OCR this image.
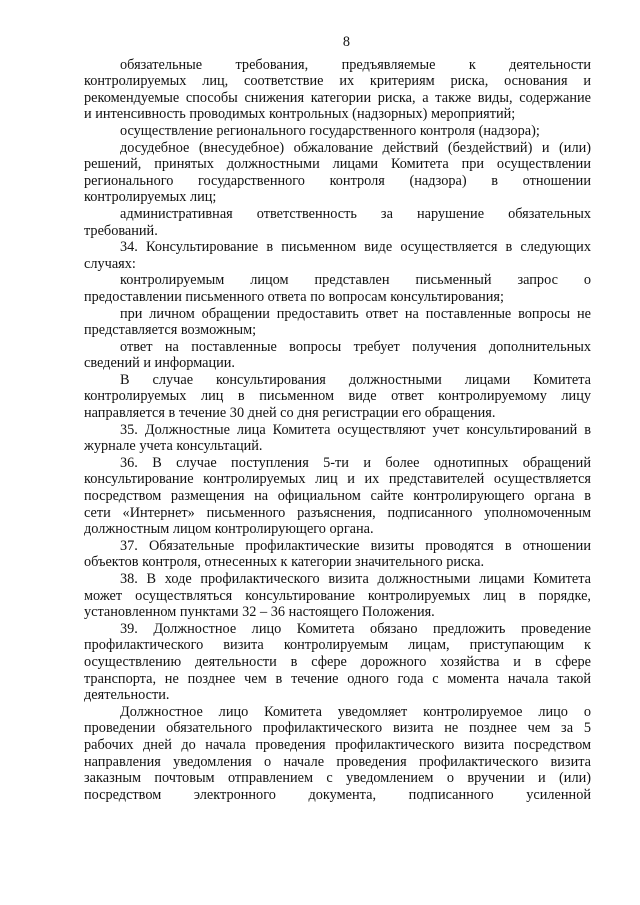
8
обязательные требования, предъявляемые к деятельности
контролируемых лиц, соответствие их критериям риска, основания и
рекомендуемые способы снижения категории риска, а также виды, содержание
и интенсивность проводимых контрольных (надзорных) мероприятий;
осуществление регионального государственного контроля (надзора);
досудебное (внесудебное) обжалование действий (бездействий) и (или)
решений, принятых должностными лицами Комитета при осуществлении
регионального государственного контроля (надзора) в отношении
контролируемых лиц;
административная ответственность за нарушение обязательных
требований.
34. Консультирование в письменном виде осуществляется в следующих
случаях:
контролируемым лицом представлен письменный запрос о
предоставлении письменного ответа по вопросам консультирования;
при личном обращении предоставить ответ на поставленные вопросы не
представляется возможным;
ответ на поставленные вопросы требует получения дополнительных
сведений и информации.
В случае консультирования должностными лицами Комитета
контролируемых лиц в письменном виде ответ контролируемому лицу
направляется в течение 30 дней со дня регистрации его обращения.
35. Должностные лица Комитета осуществляют учет консультирований в
журнале учета консультаций.
36. В случае поступления 5-ти и более однотипных обращений
консультирование контролируемых лиц и их представителей осуществляется
посредством размещения на официальном сайте контролирующего органа в
сети «Интернет» письменного разъяснения, подписанного уполномоченным
должностным лицом контролирующего органа.
37. Обязательные профилактические визиты проводятся в отношении
объектов контроля, отнесенных к категории значительного риска.
38. В ходе профилактического визита должностными лицами Комитета
может осуществляться консультирование контролируемых лиц в порядке,
установленном пунктами 32 – 36 настоящего Положения.
39. Должностное лицо Комитета обязано предложить проведение
профилактического визита контролируемым лицам, приступающим к
осуществлению деятельности в сфере дорожного хозяйства и в сфере
транспорта, не позднее чем в течение одного года с момента начала такой
деятельности.
Должностное лицо Комитета уведомляет контролируемое лицо о
проведении обязательного профилактического визита не позднее чем за 5
рабочих дней до начала проведения профилактического визита посредством
направления уведомления о начале проведения профилактического визита
заказным почтовым отправлением с уведомлением о вручении и (или)
посредством электронного документа, подписанного усиленной
